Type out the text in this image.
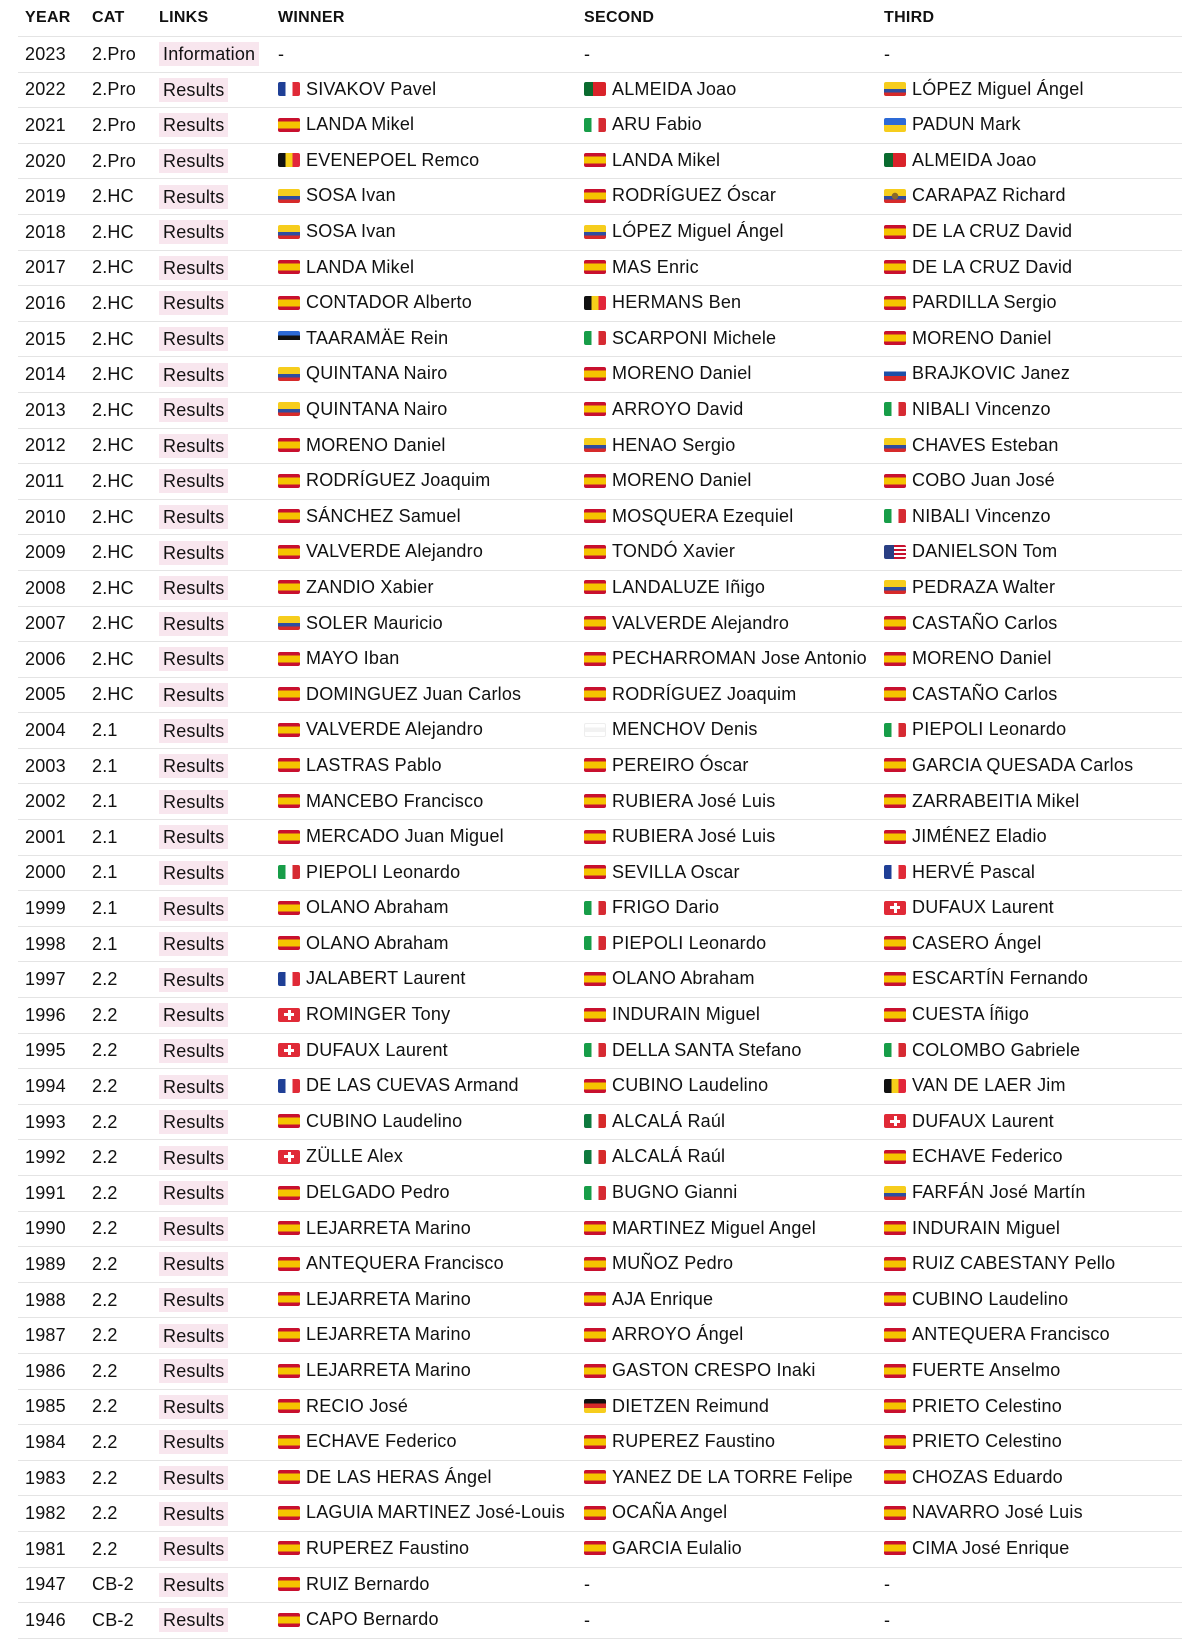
YEAR	CAT	LINKS	WINNER	SECOND	THIRD
2023	2.Pro	Information	-	-	-
2022	2.Pro	Results	SIVAKOV Pavel	ALMEIDA Joao	LÓPEZ Miguel Ángel

2021	2.Pro	Results	LANDA Mikel	ARU Fabio	PADUN Mark

2020	2.Pro	Results	EVENEPOEL Remco	LANDA Mikel	ALMEIDA Joao

2019	2.HC	Results	SOSA Ivan	RODRÍGUEZ Óscar	CARAPAZ Richard

2018	2.HC	Results	SOSA Ivan	LÓPEZ Miguel Ángel	DE LA CRUZ David

2017	2.HC	Results	LANDA Mikel	MAS Enric	DE LA CRUZ David

2016	2.HC	Results	CONTADOR Alberto	HERMANS Ben	PARDILLA Sergio

2015	2.HC	Results	TAARAMÄE Rein	SCARPONI Michele	MORENO Daniel

2014	2.HC	Results	QUINTANA Nairo	MORENO Daniel	BRAJKOVIC Janez

2013	2.HC	Results	QUINTANA Nairo	ARROYO David	NIBALI Vincenzo

2012	2.HC	Results	MORENO Daniel	HENAO Sergio	CHAVES Esteban

2011	2.HC	Results	RODRÍGUEZ Joaquim	MORENO Daniel	COBO Juan José

2010	2.HC	Results	SÁNCHEZ Samuel	MOSQUERA Ezequiel	NIBALI Vincenzo

2009	2.HC	Results	VALVERDE Alejandro	TONDÓ Xavier	DANIELSON Tom

2008	2.HC	Results	ZANDIO Xabier	LANDALUZE Iñigo	PEDRAZA Walter

2007	2.HC	Results	SOLER Mauricio	VALVERDE Alejandro	CASTAÑO Carlos

2006	2.HC	Results	MAYO Iban	PECHARROMAN Jose Antonio	MORENO Daniel

2005	2.HC	Results	DOMINGUEZ Juan Carlos	RODRÍGUEZ Joaquim	CASTAÑO Carlos

2004	2.1	Results	VALVERDE Alejandro	MENCHOV Denis	PIEPOLI Leonardo

2003	2.1	Results	LASTRAS Pablo	PEREIRO Óscar	GARCIA QUESADA Carlos

2002	2.1	Results	MANCEBO Francisco	RUBIERA José Luis	ZARRABEITIA Mikel

2001	2.1	Results	MERCADO Juan Miguel	RUBIERA José Luis	JIMÉNEZ Eladio

2000	2.1	Results	PIEPOLI Leonardo	SEVILLA Oscar	HERVÉ Pascal

1999	2.1	Results	OLANO Abraham	FRIGO Dario	DUFAUX Laurent

1998	2.1	Results	OLANO Abraham	PIEPOLI Leonardo	CASERO Ángel

1997	2.2	Results	JALABERT Laurent	OLANO Abraham	ESCARTÍN Fernando

1996	2.2	Results	ROMINGER Tony	INDURAIN Miguel	CUESTA Íñigo

1995	2.2	Results	DUFAUX Laurent	DELLA SANTA Stefano	COLOMBO Gabriele

1994	2.2	Results	DE LAS CUEVAS Armand	CUBINO Laudelino	VAN DE LAER Jim

1993	2.2	Results	CUBINO Laudelino	ALCALÁ Raúl	DUFAUX Laurent

1992	2.2	Results	ZÜLLE Alex	ALCALÁ Raúl	ECHAVE Federico

1991	2.2	Results	DELGADO Pedro	BUGNO Gianni	FARFÁN José Martín

1990	2.2	Results	LEJARRETA Marino	MARTINEZ Miguel Angel	INDURAIN Miguel

1989	2.2	Results	ANTEQUERA Francisco	MUÑOZ Pedro	RUIZ CABESTANY Pello

1988	2.2	Results	LEJARRETA Marino	AJA Enrique	CUBINO Laudelino

1987	2.2	Results	LEJARRETA Marino	ARROYO Ángel	ANTEQUERA Francisco

1986	2.2	Results	LEJARRETA Marino	GASTON CRESPO Inaki	FUERTE Anselmo

1985	2.2	Results	RECIO José	DIETZEN Reimund	PRIETO Celestino

1984	2.2	Results	ECHAVE Federico	RUPEREZ Faustino	PRIETO Celestino

1983	2.2	Results	DE LAS HERAS Ángel	YANEZ DE LA TORRE Felipe	CHOZAS Eduardo

1982	2.2	Results	LAGUIA MARTINEZ José-Louis	OCAÑA Angel	NAVARRO José Luis

1981	2.2	Results	RUPEREZ Faustino	GARCIA Eulalio	CIMA José Enrique

1947	CB-2	Results	RUIZ Bernardo	-	-
1946	CB-2	Results	CAPO Bernardo	-	-
